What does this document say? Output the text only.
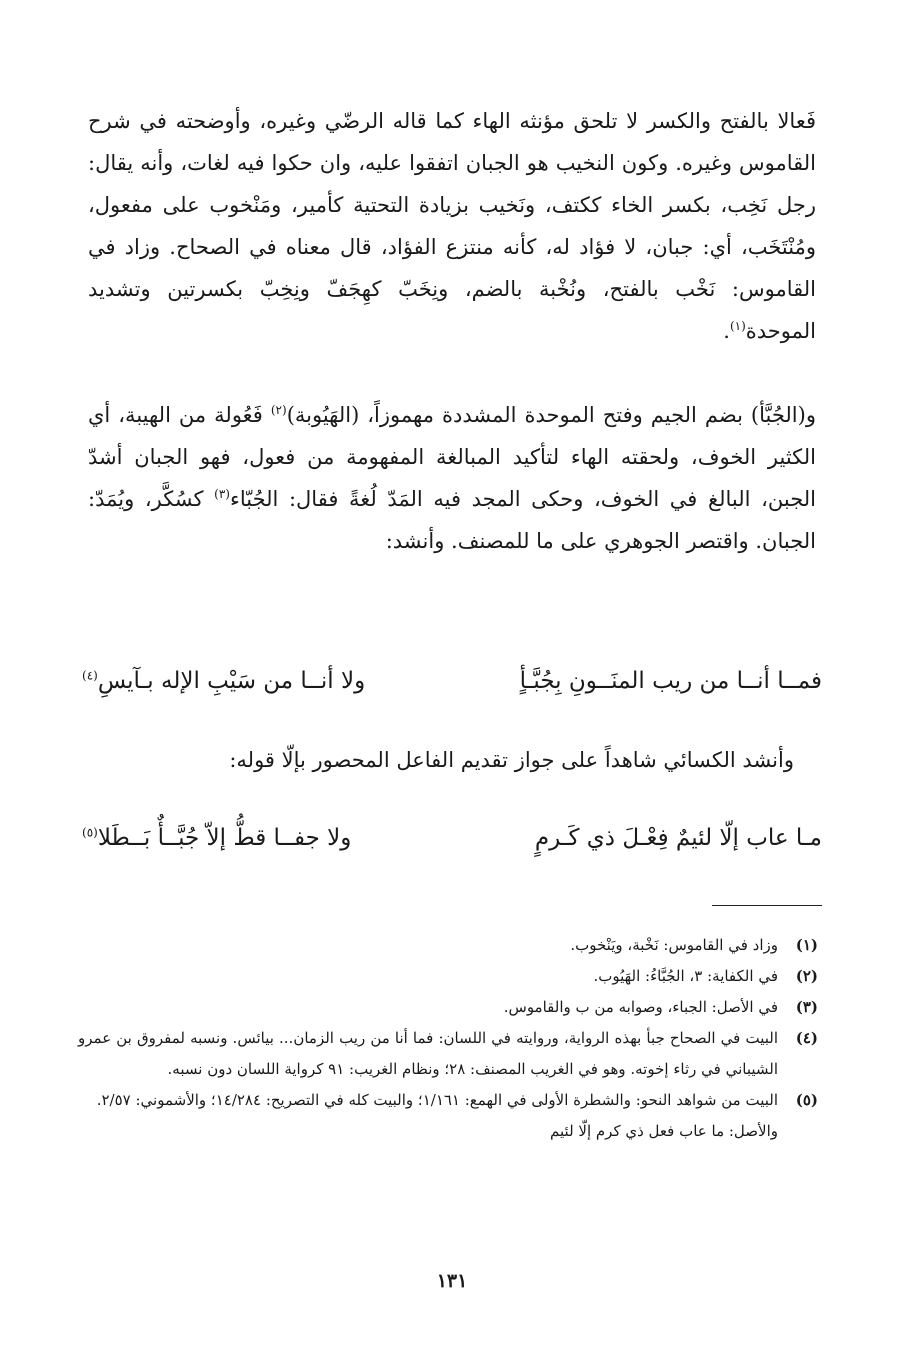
فَعالا بالفتح والكسر لا تلحق مؤنثه الهاء كما قاله الرضّي وغيره، وأوضحته في شرح القاموس وغيره. وكون النخيب هو الجبان اتفقوا عليه، وان حكوا فيه لغات، وأنه يقال: رجل نَخِب، بكسر الخاء ككتف، ونَخيب بزيادة التحتية كأمير، ومَنْخوب على مفعول، ومُنْتَخَب، أي: جبان، لا فؤاد له، كأنه منتزع الفؤاد، قال معناه في الصحاح. وزاد في القاموس: نَخْب بالفتح، ونُخْبة بالضم، ونِخَبّ كهِجَفّ ونِخِبّ بكسرتين وتشديد الموحدة$^{(١)}$.

و(الجُبَّأ) بضم الجيم وفتح الموحدة المشددة مهموزاً، (الهَيُوبة)$^{(٢)}$ فَعُولة من الهيبة، أي الكثير الخوف، ولحقته الهاء لتأكيد المبالغة المفهومة من فعول، فهو الجبان أشدّ الجبن، البالغ في الخوف، وحكى المجد فيه المَدّ لُغةً فقال: الجُبّاء$^{(٣)}$ كسُكَّر، ويُمَدّ: الجبان. واقتصر الجوهري على ما للمصنف. وأنشد:

فمــا أنــا من ريب المنَــونِ بِجُبَّـأٍ
ولا أنــا من سَيْبِ الإله بـآيسِ$^{(٤)}$
وأنشد الكسائي شاهداً على جواز تقديم الفاعل المحصور بإلّا قوله:
مـا عاب إلّا لئيمٌ فِعْـلَ ذي كَـرمٍ
ولا جفــا قطُّ إلاّ جُبَّــأٌ بَــطَلا$^{(٥)}$
(١)
وزاد في القاموس: نَخْبة، ويَنْخوب.
(٢)
في الكفاية: ٣، الجُبَّاءُ: الهَيُوب.
(٣)
في الأصل: الجباء، وصوابه من ب والقاموس.
(٤)
البيت في الصحاح جبأ بهذه الرواية، وروايته في اللسان: فما أنا من ريب الزمان... بيائس. ونسبه لمفروق بن عمرو الشيباني في رثاء إخوته. وهو في الغريب المصنف: ٢٨؛ ونظام الغريب: ٩١ كرواية اللسان دون نسبه.
(٥)
البيت من شواهد النحو: والشطرة الأولى في الهمع: ١/١٦١؛ والبيت كله في التصريح: ١٤/٢٨٤؛ والأشموني: ٢/٥٧.
والأصل: ما عاب فعل ذي كرم إلّا لئيم
١٣١
